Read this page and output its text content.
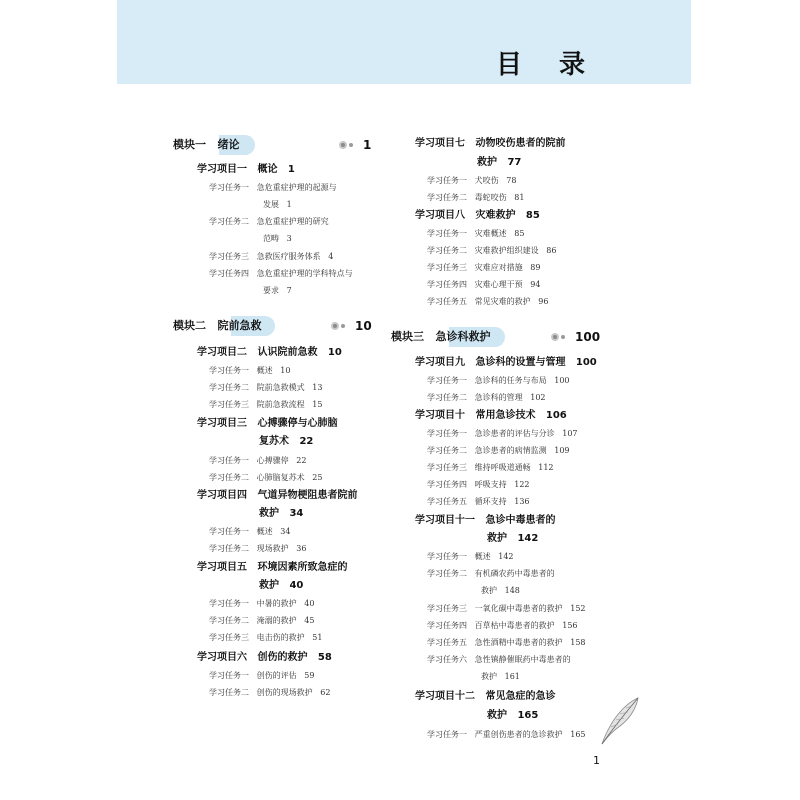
目 录
模块一   绪论	1
学习项目一   概论   1
学习任务一   急危重症护理的起源与
发展   1
学习任务二   急危重症护理的研究
范畴   3
学习任务三   急救医疗服务体系   4
学习任务四   急危重症护理的学科特点与
要求   7
模块二   院前急救	10
学习项目二   认识院前急救   10
学习任务一   概述   10
学习任务二   院前急救模式   13
学习任务三   院前急救流程   15
学习项目三   心搏骤停与心肺脑
复苏术   22
学习任务一   心搏骤停   22
学习任务二   心肺脑复苏术   25
学习项目四   气道异物梗阻患者院前
救护   34
学习任务一   概述   34
学习任务二   现场救护   36
学习项目五   环境因素所致急症的
救护   40
学习任务一   中暑的救护   40
学习任务二   淹溺的救护   45
学习任务三   电击伤的救护   51
学习项目六   创伤的救护   58
学习任务一   创伤的评估   59
学习任务二   创伤的现场救护   62
学习项目七   动物咬伤患者的院前
救护   77
学习任务一   犬咬伤   78
学习任务二   毒蛇咬伤   81
学习项目八   灾难救护   85
学习任务一   灾难概述   85
学习任务二   灾难救护组织建设   86
学习任务三   灾难应对措施   89
学习任务四   灾难心理干预   94
学习任务五   常见灾难的救护   96
模块三   急诊科救护	100
学习项目九   急诊科的设置与管理   100
学习任务一   急诊科的任务与布局   100
学习任务二   急诊科的管理   102
学习项目十   常用急诊技术   106
学习任务一   急诊患者的评估与分诊   107
学习任务二   急诊患者的病情监测   109
学习任务三   维持呼吸道通畅   112
学习任务四   呼吸支持   122
学习任务五   循环支持   136
学习项目十一   急诊中毒患者的
救护   142
学习任务一   概述   142
学习任务二   有机磷农药中毒患者的
救护   148
学习任务三   一氧化碳中毒患者的救护   152
学习任务四   百草枯中毒患者的救护   156
学习任务五   急性酒精中毒患者的救护   158
学习任务六   急性镇静催眠药中毒患者的
救护   161
学习项目十二   常见急症的急诊
救护   165
学习任务一   严重创伤患者的急诊救护   165
1
